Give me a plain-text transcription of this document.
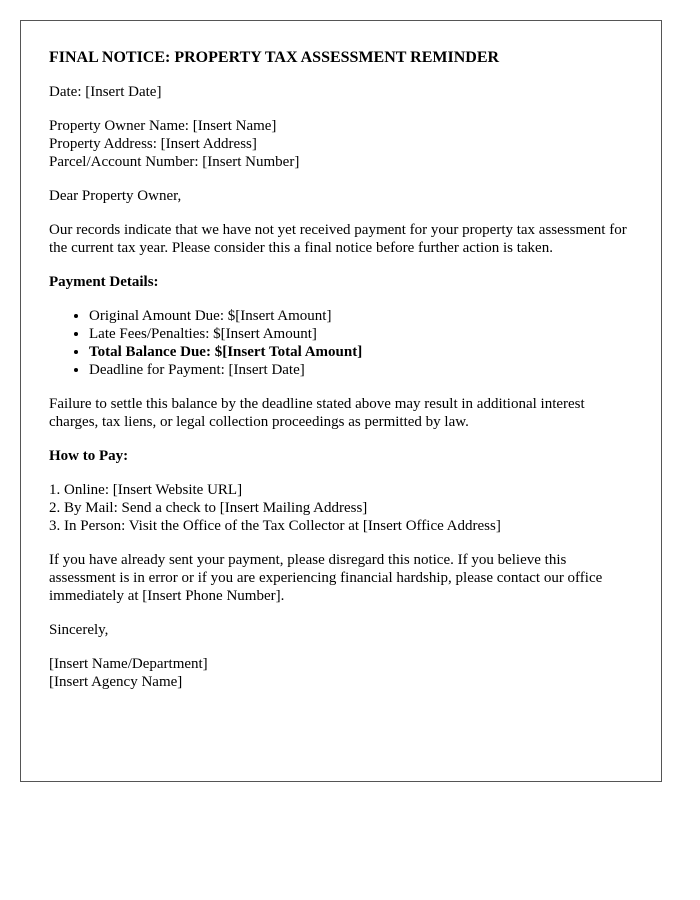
FINAL NOTICE: PROPERTY TAX ASSESSMENT REMINDER

Date: [Insert Date]

Property Owner Name: [Insert Name]
Property Address: [Insert Address]
Parcel/Account Number: [Insert Number]

Dear Property Owner,

Our records indicate that we have not yet received payment for your property tax assessment for the current tax year. Please consider this a final notice before further action is taken.

Payment Details:

• Original Amount Due: $[Insert Amount]
• Late Fees/Penalties: $[Insert Amount]
• Total Balance Due: $[Insert Total Amount]
• Deadline for Payment: [Insert Date]

Failure to settle this balance by the deadline stated above may result in additional interest charges, tax liens, or legal collection proceedings as permitted by law.

How to Pay:

1. Online: [Insert Website URL]
2. By Mail: Send a check to [Insert Mailing Address]
3. In Person: Visit the Office of the Tax Collector at [Insert Office Address]

If you have already sent your payment, please disregard this notice. If you believe this assessment is in error or if you are experiencing financial hardship, please contact our office immediately at [Insert Phone Number].

Sincerely,

[Insert Name/Department]
[Insert Agency Name]
